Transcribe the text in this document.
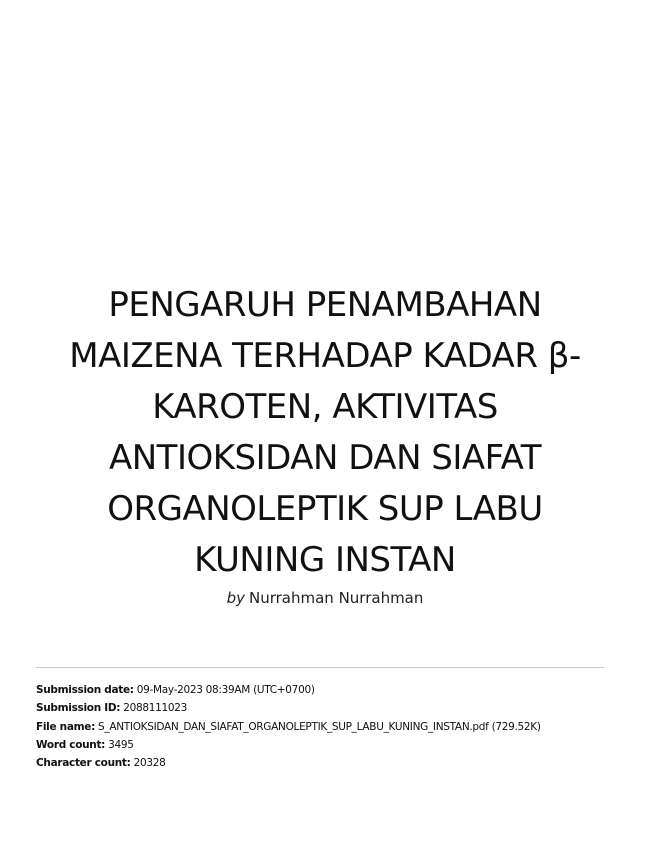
PENGARUH PENAMBAHAN
MAIZENA TERHADAP KADAR β-
KAROTEN, AKTIVITAS
ANTIOKSIDAN DAN SIAFAT
ORGANOLEPTIK SUP LABU
KUNING INSTAN
by Nurrahman Nurrahman
Submission date: 09-May-2023 08:39AM (UTC+0700)
Submission ID: 2088111023
File name: S_ANTIOKSIDAN_DAN_SIAFAT_ORGANOLEPTIK_SUP_LABU_KUNING_INSTAN.pdf (729.52K)
Word count: 3495
Character count: 20328
